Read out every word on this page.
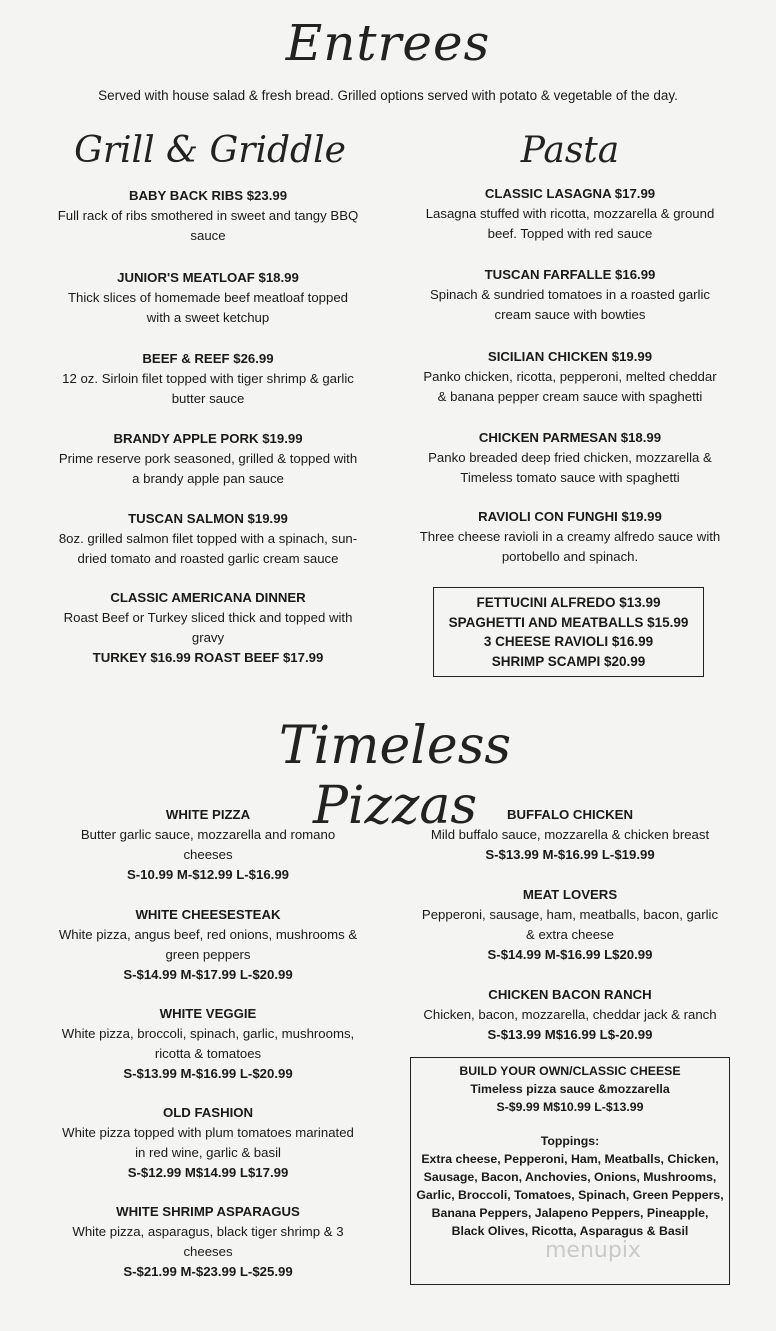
Entrees
Served with house salad & fresh bread. Grilled options served with potato & vegetable of the day.
Grill & Griddle	Pasta
BABY BACK RIBS $23.99
Full rack of ribs smothered in sweet and tangy BBQ
sauce
JUNIOR'S MEATLOAF $18.99
Thick slices of homemade beef meatloaf topped
with a sweet ketchup
BEEF & REEF $26.99
12 oz. Sirloin filet topped with tiger shrimp & garlic
butter sauce
BRANDY APPLE PORK $19.99
Prime reserve pork seasoned, grilled & topped with
a brandy apple pan sauce
TUSCAN SALMON $19.99
8oz. grilled salmon filet topped with a spinach, sun-
dried tomato and roasted garlic cream sauce
CLASSIC AMERICANA DINNER
Roast Beef or Turkey sliced thick and topped with
gravy
TURKEY $16.99 ROAST BEEF $17.99
CLASSIC LASAGNA $17.99
Lasagna stuffed with ricotta, mozzarella & ground
beef. Topped with red sauce
TUSCAN FARFALLE $16.99
Spinach & sundried tomatoes in a roasted garlic
cream sauce with bowties
SICILIAN CHICKEN $19.99
Panko chicken, ricotta, pepperoni, melted cheddar
& banana pepper cream sauce with spaghetti
CHICKEN PARMESAN $18.99
Panko breaded deep fried chicken, mozzarella &
Timeless tomato sauce with spaghetti
RAVIOLI CON FUNGHI $19.99
Three cheese ravioli in a creamy alfredo sauce with
portobello and spinach.
FETTUCINI ALFREDO $13.99
SPAGHETTI AND MEATBALLS $15.99
3 CHEESE RAVIOLI $16.99
SHRIMP SCAMPI $20.99
Timeless Pizzas
WHITE PIZZA
Butter garlic sauce, mozzarella and romano
cheeses
S-10.99 M-$12.99 L-$16.99
WHITE CHEESESTEAK
White pizza, angus beef, red onions, mushrooms &
green peppers
S-$14.99 M-$17.99 L-$20.99
WHITE VEGGIE
White pizza, broccoli, spinach, garlic, mushrooms,
ricotta & tomatoes
S-$13.99 M-$16.99 L-$20.99
OLD FASHION
White pizza topped with plum tomatoes marinated
in red wine, garlic & basil
S-$12.99 M$14.99 L$17.99
WHITE SHRIMP ASPARAGUS
White pizza, asparagus, black tiger shrimp & 3
cheeses
S-$21.99 M-$23.99 L-$25.99
BUFFALO CHICKEN
Mild buffalo sauce, mozzarella & chicken breast
S-$13.99 M-$16.99 L-$19.99
MEAT LOVERS
Pepperoni, sausage, ham, meatballs, bacon, garlic
& extra cheese
S-$14.99 M-$16.99 L$20.99
CHICKEN BACON RANCH
Chicken, bacon, mozzarella, cheddar jack & ranch
S-$13.99 M$16.99 L$-20.99
BUILD YOUR OWN/CLASSIC CHEESE
Timeless pizza sauce &mozzarella
S-$9.99 M$10.99 L-$13.99
Toppings:
Extra cheese, Pepperoni, Ham, Meatballs, Chicken,
Sausage, Bacon, Anchovies, Onions, Mushrooms,
Garlic, Broccoli, Tomatoes, Spinach, Green Peppers,
Banana Peppers, Jalapeno Peppers, Pineapple,
Black Olives, Ricotta, Asparagus & Basil
menupix
